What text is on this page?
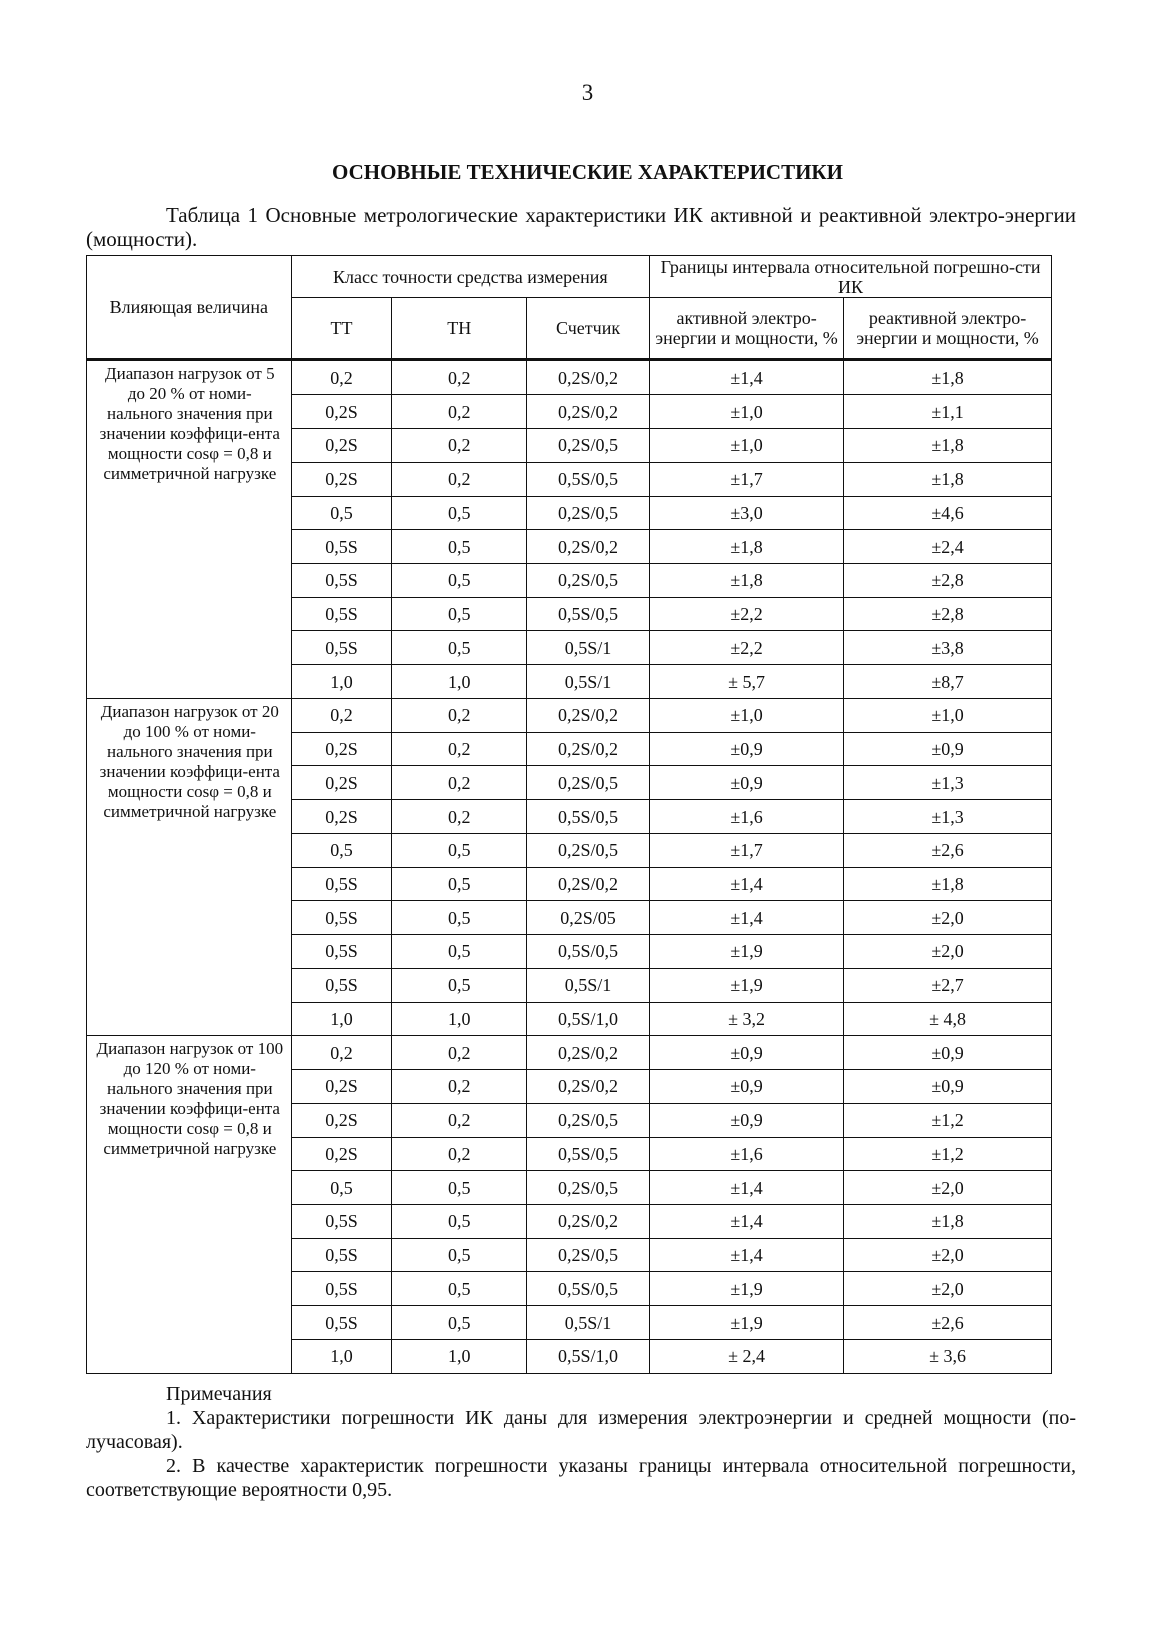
3
ОСНОВНЫЕ ТЕХНИЧЕСКИЕ ХАРАКТЕРИСТИКИ
Таблица 1 Основные метрологические характеристики ИК активной и реактивной электро-энергии (мощности).
Влияющая величина	Класс точности средства измерения			Границы интервала относительной погрешно-сти ИК	
	ТТ	ТН	Счетчик	активной электро-энергии и мощности, %	реактивной электро-энергии и мощности, %

Диапазон нагрузок от 5 до 20 % от номи-нального значения при значении коэффици-ента мощности cosφ = 0,8 и симметричной нагрузке	0,2	0,2	0,2S/0,2	±1,4	±1,8
	0,2S	0,2	0,2S/0,2	±1,0	±1,1
	0,2S	0,2	0,2S/0,5	±1,0	±1,8
	0,2S	0,2	0,5S/0,5	±1,7	±1,8
	0,5	0,5	0,2S/0,5	±3,0	±4,6
	0,5S	0,5	0,2S/0,2	±1,8	±2,4
	0,5S	0,5	0,2S/0,5	±1,8	±2,8
	0,5S	0,5	0,5S/0,5	±2,2	±2,8
	0,5S	0,5	0,5S/1	±2,2	±3,8
	1,0	1,0	0,5S/1	± 5,7	±8,7

Диапазон нагрузок от 20 до 100 % от номи-нального значения при значении коэффици-ента мощности cosφ = 0,8 и симметричной нагрузке	0,2	0,2	0,2S/0,2	±1,0	±1,0
	0,2S	0,2	0,2S/0,2	±0,9	±0,9
	0,2S	0,2	0,2S/0,5	±0,9	±1,3
	0,2S	0,2	0,5S/0,5	±1,6	±1,3
	0,5	0,5	0,2S/0,5	±1,7	±2,6
	0,5S	0,5	0,2S/0,2	±1,4	±1,8
	0,5S	0,5	0,2S/05	±1,4	±2,0
	0,5S	0,5	0,5S/0,5	±1,9	±2,0
	0,5S	0,5	0,5S/1	±1,9	±2,7
	1,0	1,0	0,5S/1,0	± 3,2	± 4,8

Диапазон нагрузок от 100 до 120 % от номи-нального значения при значении коэффици-ента мощности cosφ = 0,8 и симметричной нагрузке	0,2	0,2	0,2S/0,2	±0,9	±0,9
	0,2S	0,2	0,2S/0,2	±0,9	±0,9
	0,2S	0,2	0,2S/0,5	±0,9	±1,2
	0,2S	0,2	0,5S/0,5	±1,6	±1,2
	0,5	0,5	0,2S/0,5	±1,4	±2,0
	0,5S	0,5	0,2S/0,2	±1,4	±1,8
	0,5S	0,5	0,2S/0,5	±1,4	±2,0
	0,5S	0,5	0,5S/0,5	±1,9	±2,0
	0,5S	0,5	0,5S/1	±1,9	±2,6
	1,0	1,0	0,5S/1,0	± 2,4	± 3,6

Примечания

1. Характеристики погрешности ИК даны для измерения электроэнергии и средней мощности (по-лучасовая).

2. В качестве характеристик погрешности указаны границы интервала относительной погрешности, соответствующие вероятности 0,95.
